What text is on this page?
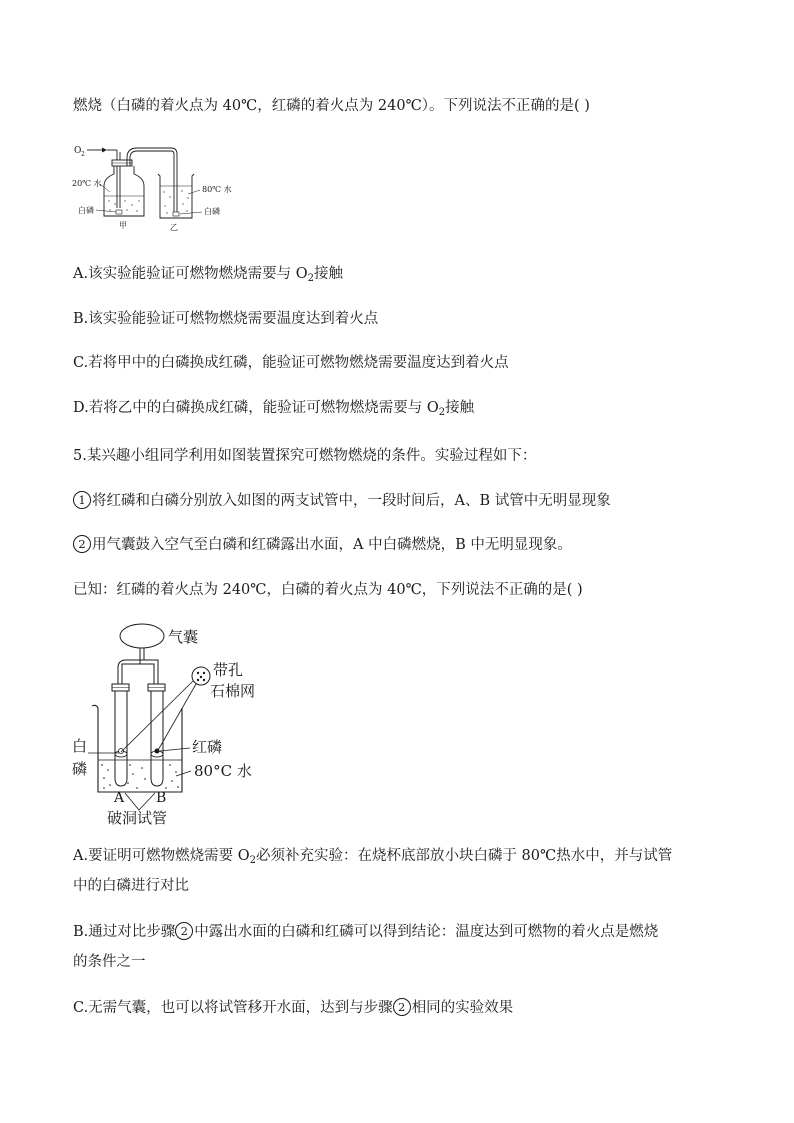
燃烧（白磷的着火点为 40℃，红磷的着火点为 240℃）。下列说法不正确的是( )
O 2
20℃ 水
白磷
80℃ 水
白磷
甲	乙
A.该实验能验证可燃物燃烧需要与 $O_2$接触
B.该实验能验证可燃物燃烧需要温度达到着火点
C.若将甲中的白磷换成红磷，能验证可燃物燃烧需要温度达到着火点
D.若将乙中的白磷换成红磷，能验证可燃物燃烧需要与 $O_2$接触
5.某兴趣小组同学利用如图装置探究可燃物燃烧的条件。实验过程如下：
1 将红磷和白磷分别放入如图的两支试管中，一段时间后，A、B 试管中无明显现象
2 用气囊鼓入空气至白磷和红磷露出水面，A 中白磷燃烧，B 中无明显现象。
已知：红磷的着火点为 240℃，白磷的着火点为 40℃，下列说法不正确的是( )
气囊
带孔
石棉网
白
磷
红磷
80°C 水
A B
破洞试管
A.要证明可燃物燃烧需要 $O_2$必须补充实验：在烧杯底部放小块白磷于 80℃热水中，并与试管
中的白磷进行对比
B.通过对比步骤 2 中露出水面的白磷和红磷可以得到结论：温度达到可燃物的着火点是燃烧
的条件之一
C.无需气囊，也可以将试管移开水面，达到与步骤 2 相同的实验效果
